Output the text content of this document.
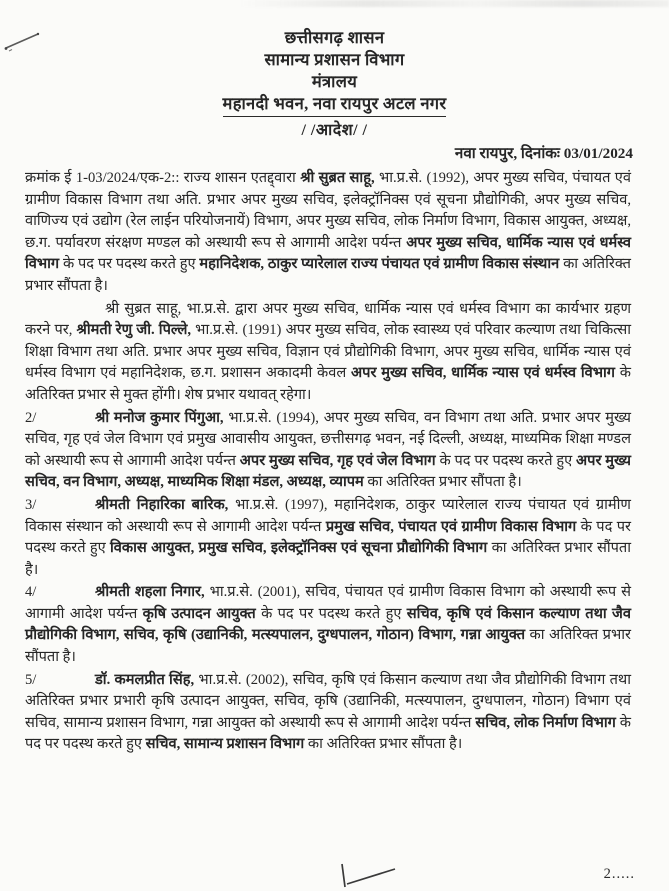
छत्तीसगढ़ शासन
सामान्य प्रशासन विभाग
मंत्रालय
महानदी भवन, नवा रायपुर अटल नगर
/ /आदेश/ /
नवा रायपुर, दिनांकः 03/01/2024

क्रमांक ई 1-03/2024/एक-2:: राज्य शासन एतद्द्वारा श्री सुब्रत साहू, भा.प्र.से. (1992), अपर मुख्य सचिव, पंचायत एवं ग्रामीण विकास विभाग तथा अति. प्रभार अपर मुख्य सचिव, इलेक्ट्रॉनिक्स एवं सूचना प्रौद्योगिकी, अपर मुख्य सचिव, वाणिज्य एवं उद्योग (रेल लाईन परियोजनायें) विभाग, अपर मुख्य सचिव, लोक निर्माण विभाग, विकास आयुक्त, अध्यक्ष, छ.ग. पर्यावरण संरक्षण मण्डल को अस्थायी रूप से आगामी आदेश पर्यन्त अपर मुख्य सचिव, धार्मिक न्यास एवं धर्मस्व विभाग के पद पर पदस्थ करते हुए महानिदेशक, ठाकुर प्यारेलाल राज्य पंचायत एवं ग्रामीण विकास संस्थान का अतिरिक्त प्रभार सौंपता है।

श्री सुब्रत साहू, भा.प्र.से. द्वारा अपर मुख्य सचिव, धार्मिक न्यास एवं धर्मस्व विभाग का कार्यभार ग्रहण करने पर, श्रीमती रेणु जी. पिल्ले, भा.प्र.से. (1991) अपर मुख्य सचिव, लोक स्वास्थ्य एवं परिवार कल्याण तथा चिकित्सा शिक्षा विभाग तथा अति. प्रभार अपर मुख्य सचिव, विज्ञान एवं प्रौद्योगिकी विभाग, अपर मुख्य सचिव, धार्मिक न्यास एवं धर्मस्व विभाग एवं महानिदेशक, छ.ग. प्रशासन अकादमी केवल अपर मुख्य सचिव, धार्मिक न्यास एवं धर्मस्व विभाग के अतिरिक्त प्रभार से मुक्त होंगी। शेष प्रभार यथावत् रहेगा।

2/	श्री मनोज कुमार पिंगुआ, भा.प्र.से. (1994), अपर मुख्य सचिव, वन विभाग तथा अति. प्रभार अपर मुख्य सचिव, गृह एवं जेल विभाग एवं प्रमुख आवासीय आयुक्त, छत्तीसगढ़ भवन, नई दिल्ली, अध्यक्ष, माध्यमिक शिक्षा मण्डल को अस्थायी रूप से आगामी आदेश पर्यन्त अपर मुख्य सचिव, गृह एवं जेल विभाग के पद पर पदस्थ करते हुए अपर मुख्य सचिव, वन विभाग, अध्यक्ष, माध्यमिक शिक्षा मंडल, अध्यक्ष, व्यापम का अतिरिक्त प्रभार सौंपता है।

3/	श्रीमती निहारिका बारिक, भा.प्र.से. (1997), महानिदेशक, ठाकुर प्यारेलाल राज्य पंचायत एवं ग्रामीण विकास संस्थान को अस्थायी रूप से आगामी आदेश पर्यन्त प्रमुख सचिव, पंचायत एवं ग्रामीण विकास विभाग के पद पर पदस्थ करते हुए विकास आयुक्त, प्रमुख सचिव, इलेक्ट्रॉनिक्स एवं सूचना प्रौद्योगिकी विभाग का अतिरिक्त प्रभार सौंपता है।

4/	श्रीमती शहला निगार, भा.प्र.से. (2001), सचिव, पंचायत एवं ग्रामीण विकास विभाग को अस्थायी रूप से आगामी आदेश पर्यन्त कृषि उत्पादन आयुक्त के पद पर पदस्थ करते हुए सचिव, कृषि एवं किसान कल्याण तथा जैव प्रौद्योगिकी विभाग, सचिव, कृषि (उद्यानिकी, मत्स्यपालन, दुग्धपालन, गोठान) विभाग, गन्ना आयुक्त का अतिरिक्त प्रभार सौंपता है।

5/	डॉ. कमलप्रीत सिंह, भा.प्र.से. (2002), सचिव, कृषि एवं किसान कल्याण तथा जैव प्रौद्योगिकी विभाग तथा अतिरिक्त प्रभार प्रभारी कृषि उत्पादन आयुक्त, सचिव, कृषि (उद्यानिकी, मत्स्यपालन, दुग्धपालन, गोठान) विभाग एवं सचिव, सामान्य प्रशासन विभाग, गन्ना आयुक्त को अस्थायी रूप से आगामी आदेश पर्यन्त सचिव, लोक निर्माण विभाग के पद पर पदस्थ करते हुए सचिव, सामान्य प्रशासन विभाग का अतिरिक्त प्रभार सौंपता है।

2.....
